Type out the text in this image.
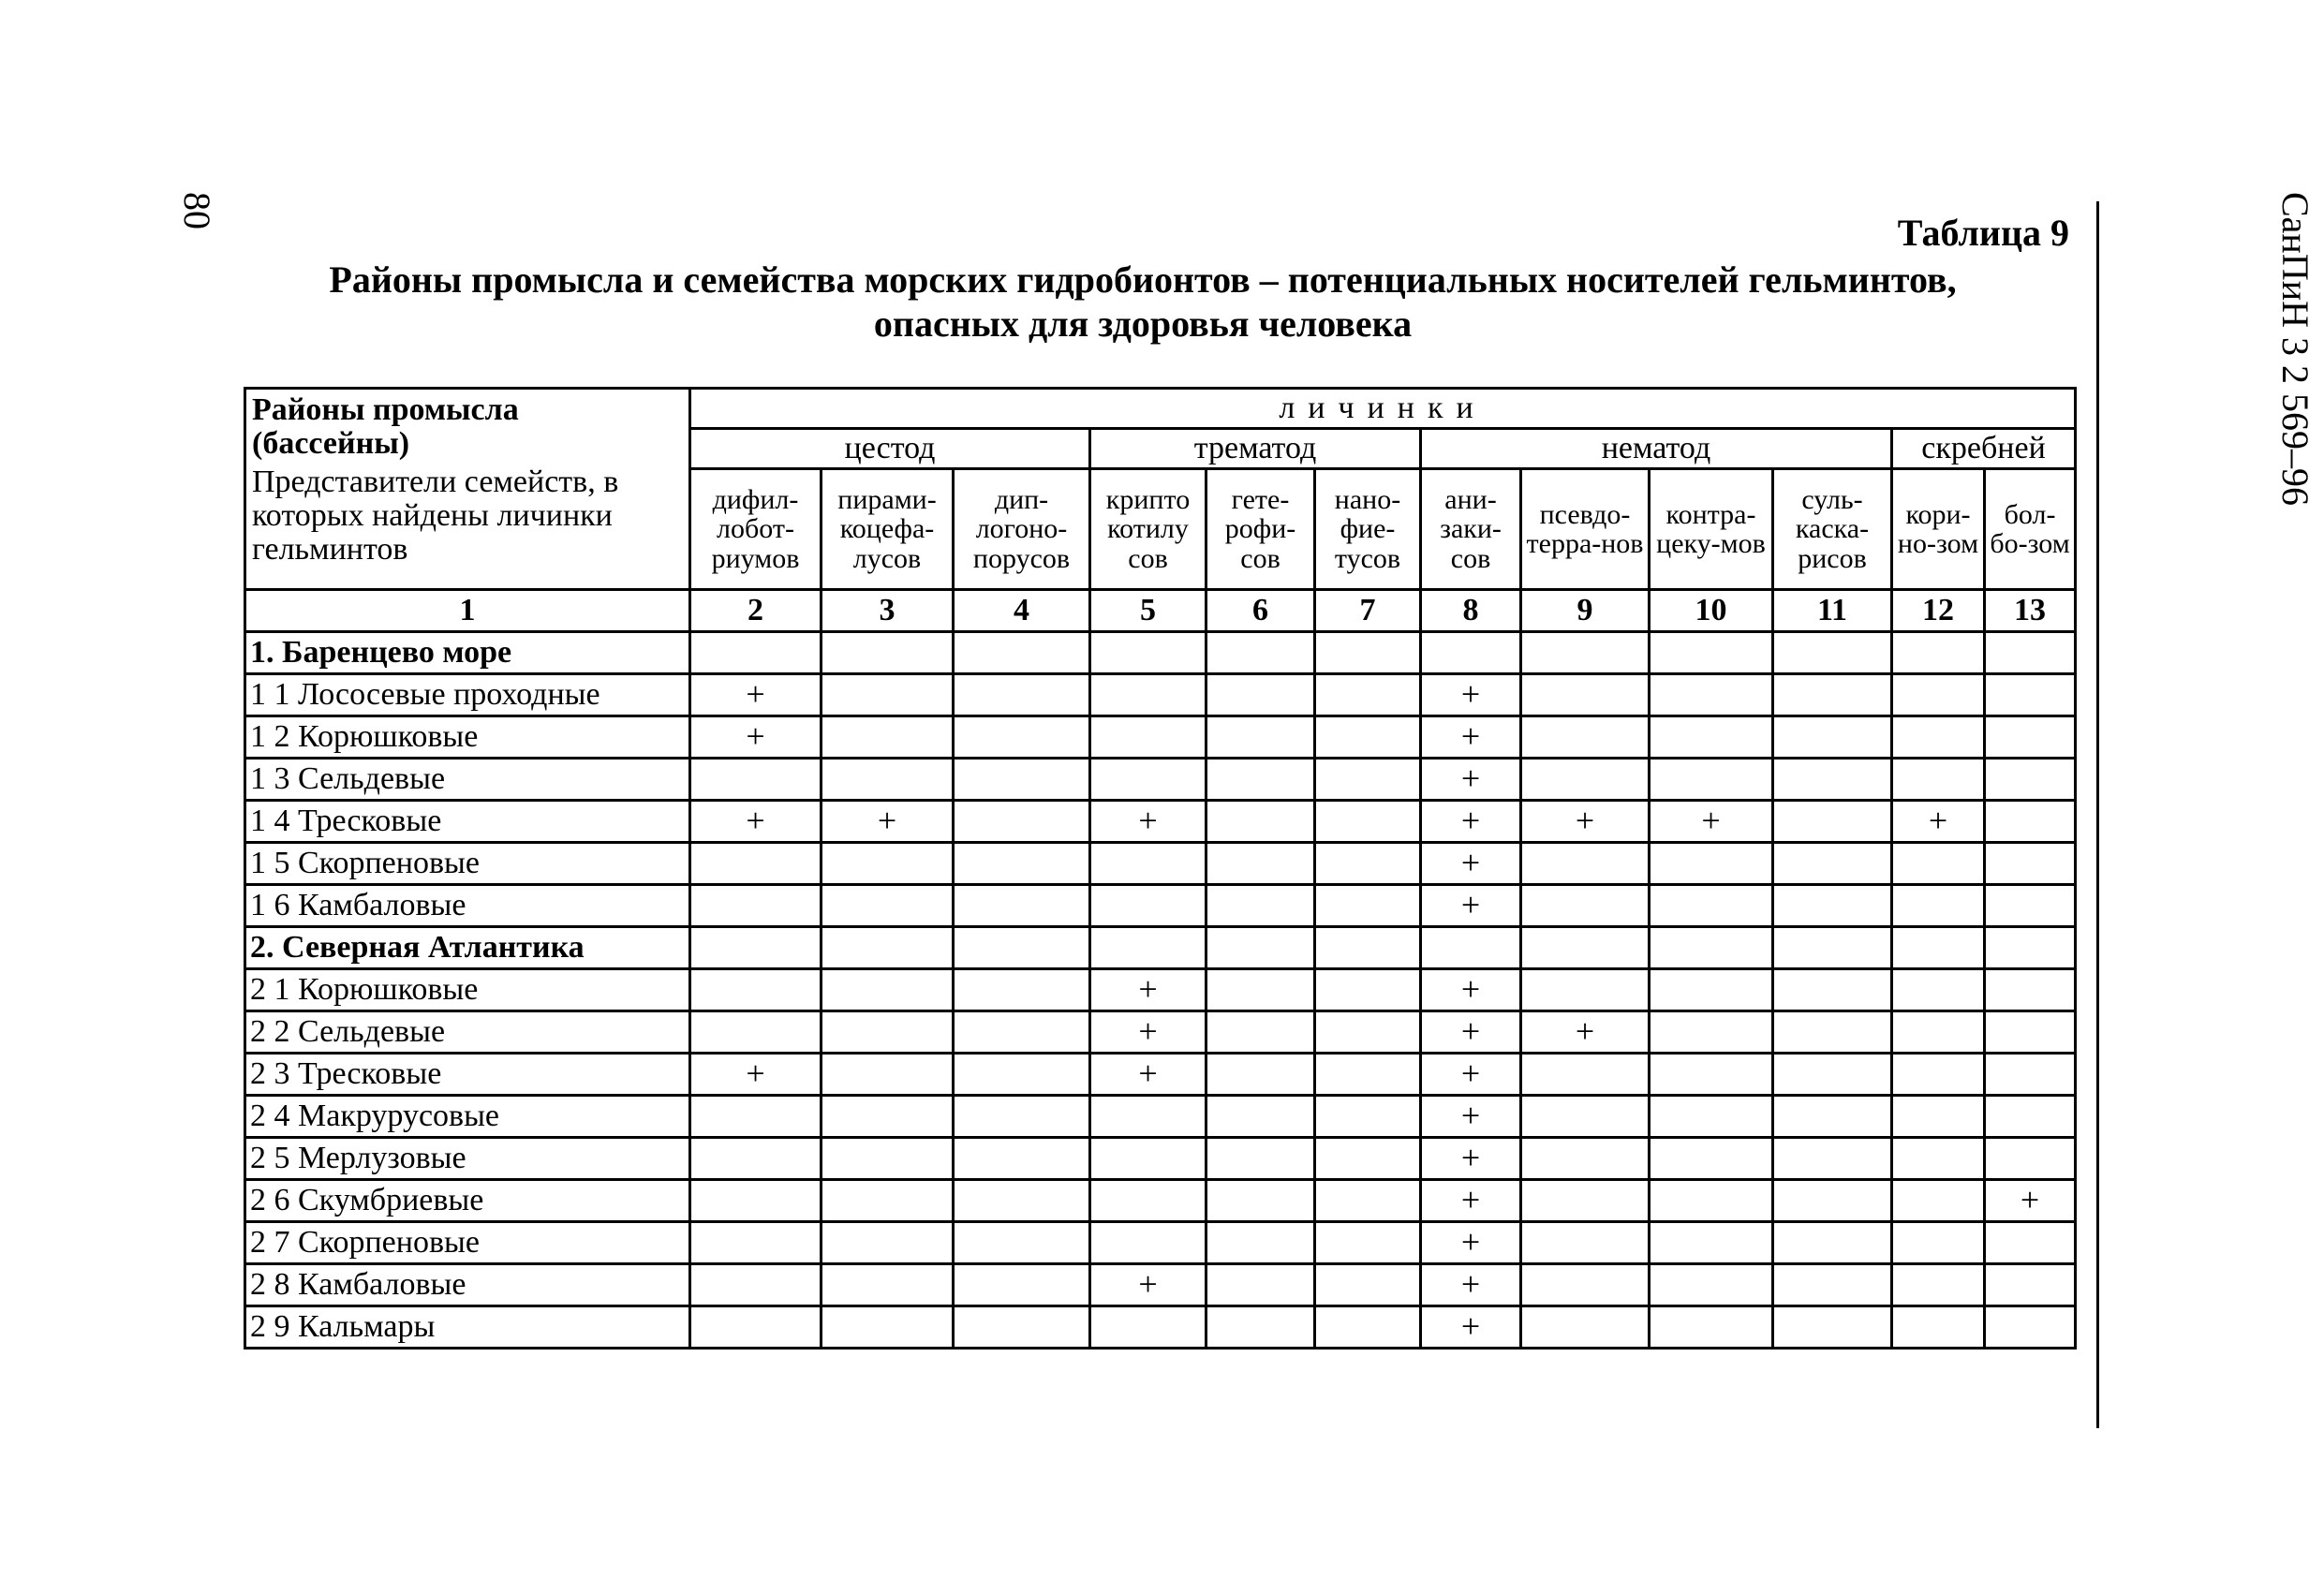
80	СанПиН 3 2 569–96
Таблица 9
Районы промысла и семейства морских гидробионтов – потенциальных носителей гельминтов,
опасных для здоровья человека
Районы промысла
(бассейны)
Представители семейств, в которых найдены личинки гельминтов	личинки											
	цестод			трематод			нематод				скребней	
	дифил-лобот-риумов	пирами-коцефа-лусов	дип-логоно-порусов	крипто котилу сов	гете-рофи-сов	нано-фие-тусов	ани-заки-сов	псевдо-терра-нов	контра-цеку-мов	суль-каска-рисов	кори-но-зом	бол-бо-зом
1	2	3	4	5	6	7	8	9	10	11	12	13
1. Баренцево море												
1 1 Лососевые проходные	+						+					
1 2 Корюшковые	+						+					
1 3 Сельдевые							+					
1 4 Тресковые	+	+		+			+	+	+		+	
1 5 Скорпеновые							+					
1 6 Камбаловые							+					
2. Северная Атлантика												
2 1 Корюшковые				+			+					
2 2 Сельдевые				+			+	+				
2 3 Тресковые	+			+			+					
2 4 Макрурусовые							+					
2 5 Мерлузовые							+					
2 6 Скумбриевые							+					+
2 7 Скорпеновые							+					
2 8 Камбаловые				+			+					
2 9 Кальмары							+					
